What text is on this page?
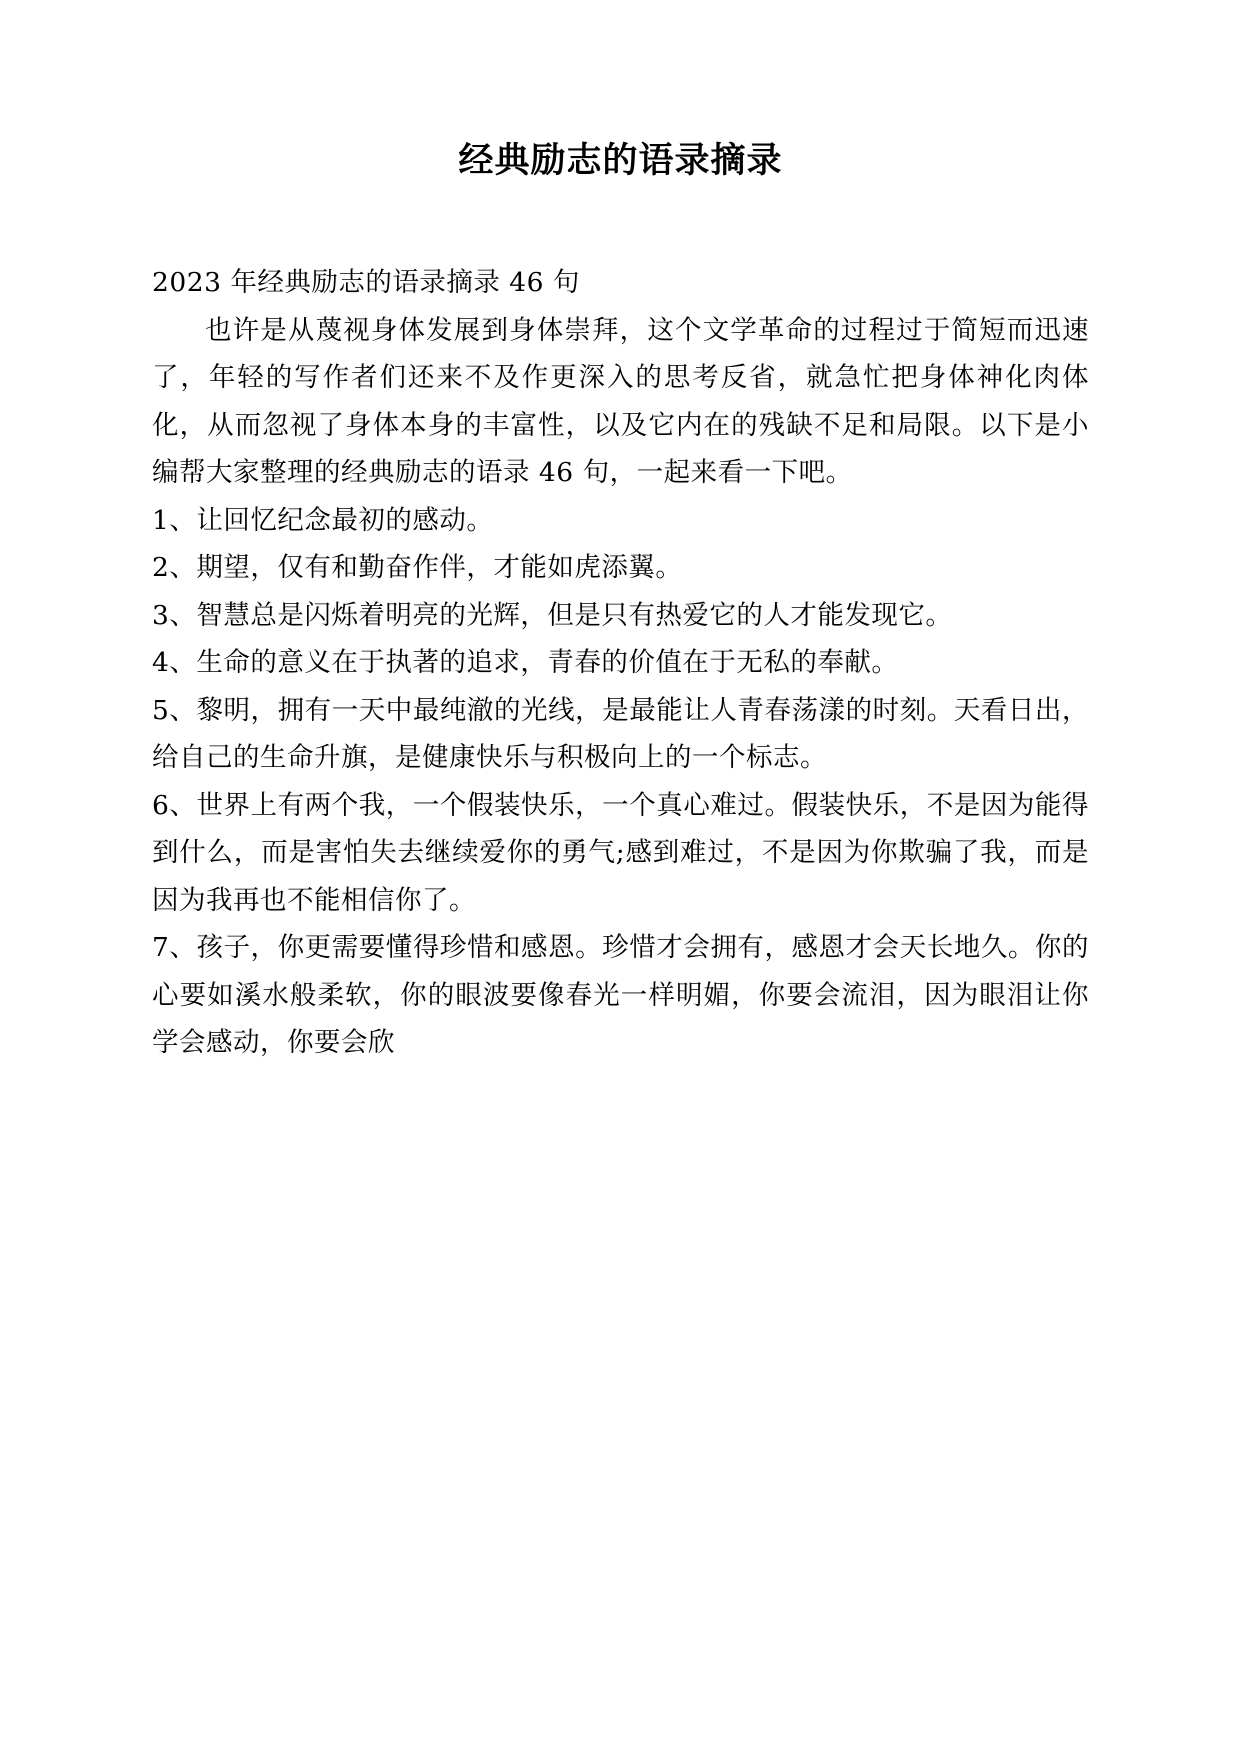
经典励志的语录摘录

2023 年经典励志的语录摘录 46 句

也许是从蔑视身体发展到身体崇拜，这个文学革命的过程过于简短而迅速了，年轻的写作者们还来不及作更深入的思考反省，就急忙把身体神化肉体化，从而忽视了身体本身的丰富性，以及它内在的残缺不足和局限。以下是小编帮大家整理的经典励志的语录 46 句，一起来看一下吧。

1、让回忆纪念最初的感动。

2、期望，仅有和勤奋作伴，才能如虎添翼。

3、智慧总是闪烁着明亮的光辉，但是只有热爱它的人才能发现它。

4、生命的意义在于执著的追求，青春的价值在于无私的奉献。

5、黎明，拥有一天中最纯澈的光线，是最能让人青春荡漾的时刻。天看日出，给自己的生命升旗，是健康快乐与积极向上的一个标志。

6、世界上有两个我，一个假装快乐，一个真心难过。假装快乐，不是因为能得到什么，而是害怕失去继续爱你的勇气;感到难过，不是因为你欺骗了我，而是因为我再也不能相信你了。

7、孩子，你更需要懂得珍惜和感恩。珍惜才会拥有，感恩才会天长地久。你的心要如溪水般柔软，你的眼波要像春光一样明媚，你要会流泪，因为眼泪让你学会感动，你要会欣
